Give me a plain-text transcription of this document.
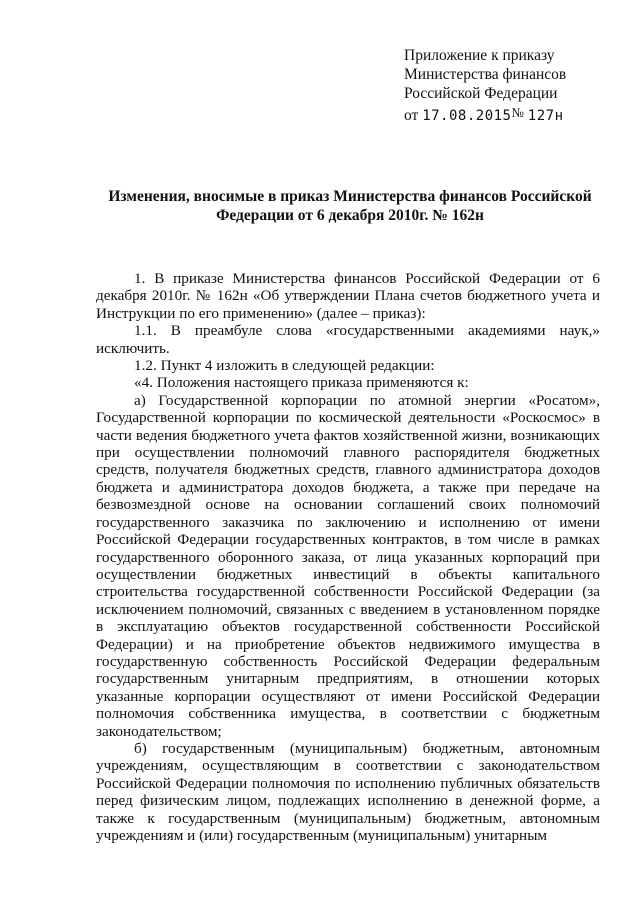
Приложение к приказу
Министерства финансов
Российской Федерации
от 17.08.2015№ 127н
Изменения, вносимые в приказ Министерства финансов Российской
Федерации от 6 декабря 2010г. № 162н

1. В приказе Министерства финансов Российской Федерации от 6 декабря 2010г. № 162н «Об утверждении Плана счетов бюджетного учета и Инструкции по его применению» (далее – приказ):

1.1. В преамбуле слова «государственными академиями наук,» исключить.

1.2. Пункт 4 изложить в следующей редакции:

«4. Положения настоящего приказа применяются к:

а) Государственной корпорации по атомной энергии «Росатом», Государственной корпорации по космической деятельности «Роскосмос» в части ведения бюджетного учета фактов хозяйственной жизни, возникающих при осуществлении полномочий главного распорядителя бюджетных средств, получателя бюджетных средств, главного администратора доходов бюджета и администратора доходов бюджета, а также при передаче на безвозмездной основе на основании соглашений своих полномочий государственного заказчика по заключению и исполнению от имени Российской Федерации государственных контрактов, в том числе в рамках государственного оборонного заказа, от лица указанных корпораций при осуществлении бюджетных инвестиций в объекты капитального строительства государственной собственности Российской Федерации (за исключением полномочий, связанных с введением в установленном порядке в эксплуатацию объектов государственной собственности Российской Федерации) и на приобретение объектов недвижимого имущества в государственную собственность Российской Федерации федеральным государственным унитарным предприятиям, в отношении которых указанные корпорации осуществляют от имени Российской Федерации полномочия собственника имущества, в соответствии с бюджетным законодательством;

б) государственным (муниципальным) бюджетным, автономным учреждениям, осуществляющим в соответствии с законодательством Российской Федерации полномочия по исполнению публичных обязательств перед физическим лицом, подлежащих исполнению в денежной форме, а также к государственным (муниципальным) бюджетным, автономным учреждениям и (или) государственным (муниципальным) унитарным
